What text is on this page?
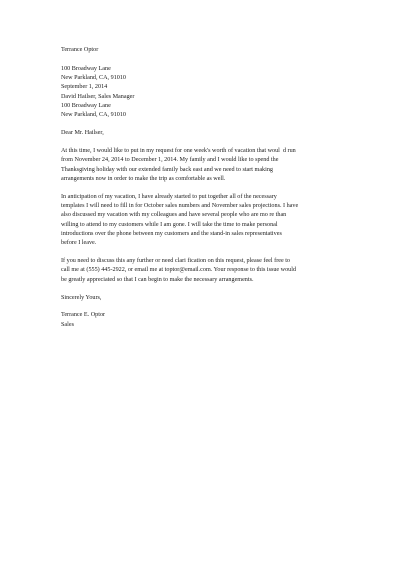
Terrance Optor
100 Broadway Lane
New Parkland, CA, 91010
September 1, 2014
David Hailser, Sales Manager
100 Broadway Lane
New Parkland, CA, 91010
Dear Mr. Hailser,
At this time, I would like to put in my request for one week's worth of vacation that woul  d run
from November 24, 2014 to December 1, 2014. My family and I would like to spend the
Thanksgiving holiday with our extended family back east and we need to start making
arrangements now in order to make the trip as comfortable as well.
In anticipation of my vacation, I have already started to put together all of the necessary
templates I will need to fill in for October sales numbers and November sales projections. I have
also discussed my vacation with my colleagues and have several people who are mo re than
willing to attend to my customers while I am gone. I will take the time to make personal
introductions over the phone between my customers and the stand-in sales representatives
before I leave.
If you need to discuss this any further or need clari fication on this request, please feel free to
call me at (555) 445-2922, or email me at toptor@email.com. Your response to this issue would
be greatly appreciated so that I can begin to make the necessary arrangements.
Sincerely Yours,
Terrance E. Optor
Sales
